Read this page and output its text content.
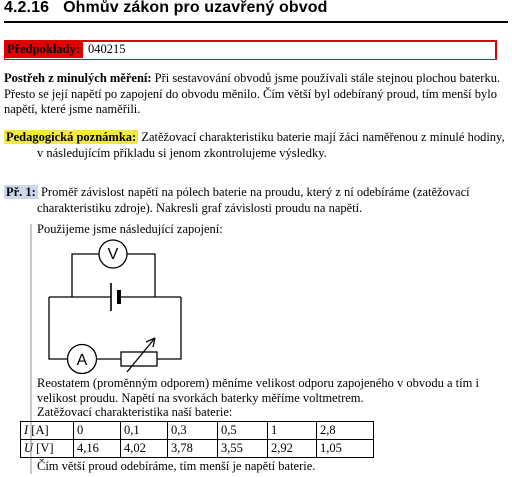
4.2.16 Ohmův zákon pro uzavřený obvod
Předpoklady: 040215
Postřeh z minulých měření: Při sestavování obvodů jsme používali stále stejnou plochou baterku. Přesto se její napětí po zapojení do obvodu měnilo. Čím větší byl odebíraný proud, tím menší bylo napětí, které jsme naměřili.
Pedagogická poznámka: Zatěžovací charakteristiku baterie mají žáci naměřenou z minulé hodiny,
v následujícím příkladu si jenom zkontrolujeme výsledky.
Př. 1: Proměř závislost napětí na pólech baterie na proudu, který z ní odebíráme (zatěžovací
charakteristiku zdroje). Nakresli graf závislosti proudu na napětí.
Použijeme jsme následující zapojení:
V
A
Reostatem (proměnným odporem) měníme velikost odporu zapojeného v obvodu a tím i
velikost proudu. Napětí na svorkách baterky měříme voltmetrem.
Zatěžovací charakteristika naší baterie:
I [A]	0	0,1	0,3	0,5	1	2,8
U [V]	4,16	4,02	3,78	3,55	2,92	1,05
Čím větší proud odebíráme, tím menší je napětí baterie.
